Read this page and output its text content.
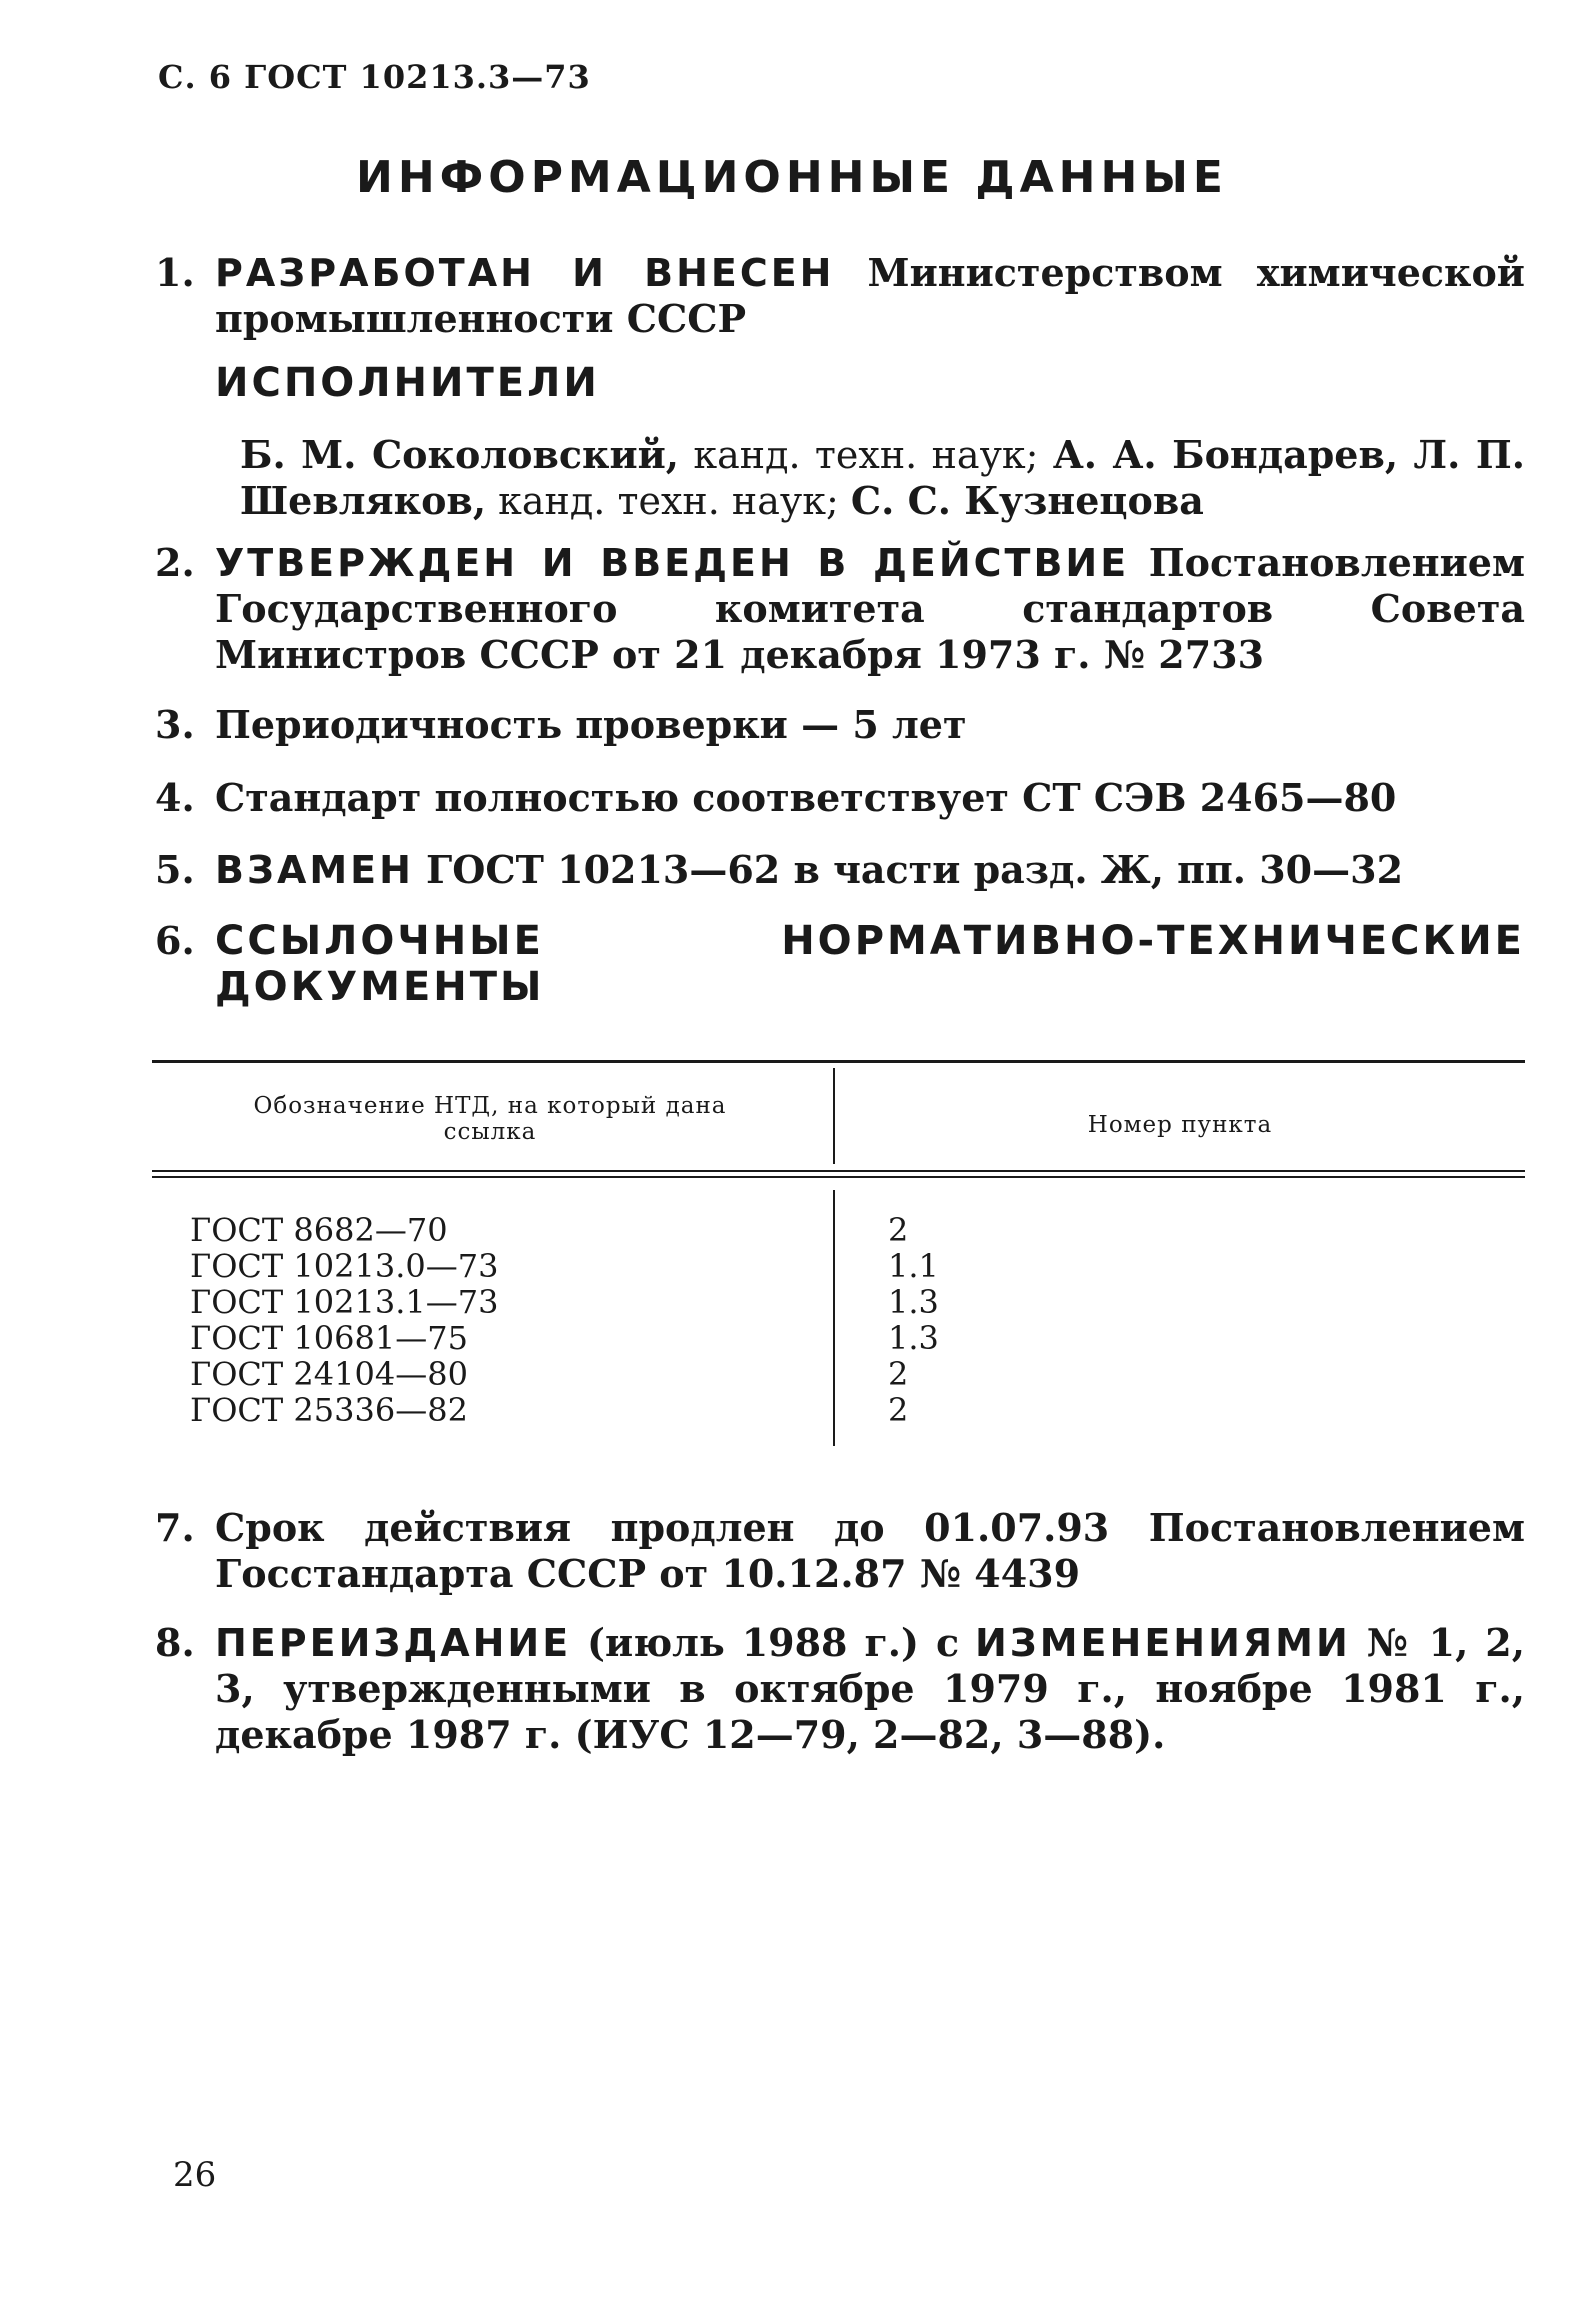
С. 6 ГОСТ 10213.3—73
ИНФОРМАЦИОННЫЕ ДАННЫЕ
1. РАЗРАБОТАН И ВНЕСЕН Министерством химической промышленности СССР
ИСПОЛНИТЕЛИ
Б. М. Соколовский, канд. техн. наук; А. А. Бондарев, Л. П. Шевляков, канд. техн. наук; С. С. Кузнецова
2. УТВЕРЖДЕН И ВВЕДЕН В ДЕЙСТВИЕ Постановлением Государственного комитета стандартов Совета Министров СССР от 21 декабря 1973 г. № 2733
3. Периодичность проверки — 5 лет
4. Стандарт полностью соответствует СТ СЭВ 2465—80
5. ВЗАМЕН ГОСТ 10213—62 в части разд. Ж, пп. 30—32
6. ССЫЛОЧНЫЕ НОРМАТИВНО-ТЕХНИЧЕСКИЕ ДОКУМЕНТЫ
Обозначение НТД, на который дана ссылка	Номер пункта
ГОСТ 8682—70	2
ГОСТ 10213.0—73	1.1
ГОСТ 10213.1—73	1.3
ГОСТ 10681—75	1.3
ГОСТ 24104—80	2
ГОСТ 25336—82	2
7. Срок действия продлен до 01.07.93 Постановлением Госстандарта СССР от 10.12.87 № 4439
8. ПЕРЕИЗДАНИЕ (июль 1988 г.) с ИЗМЕНЕНИЯМИ № 1, 2, 3, утвержденными в октябре 1979 г., ноябре 1981 г., декабре 1987 г. (ИУС 12—79, 2—82, 3—88).
26
